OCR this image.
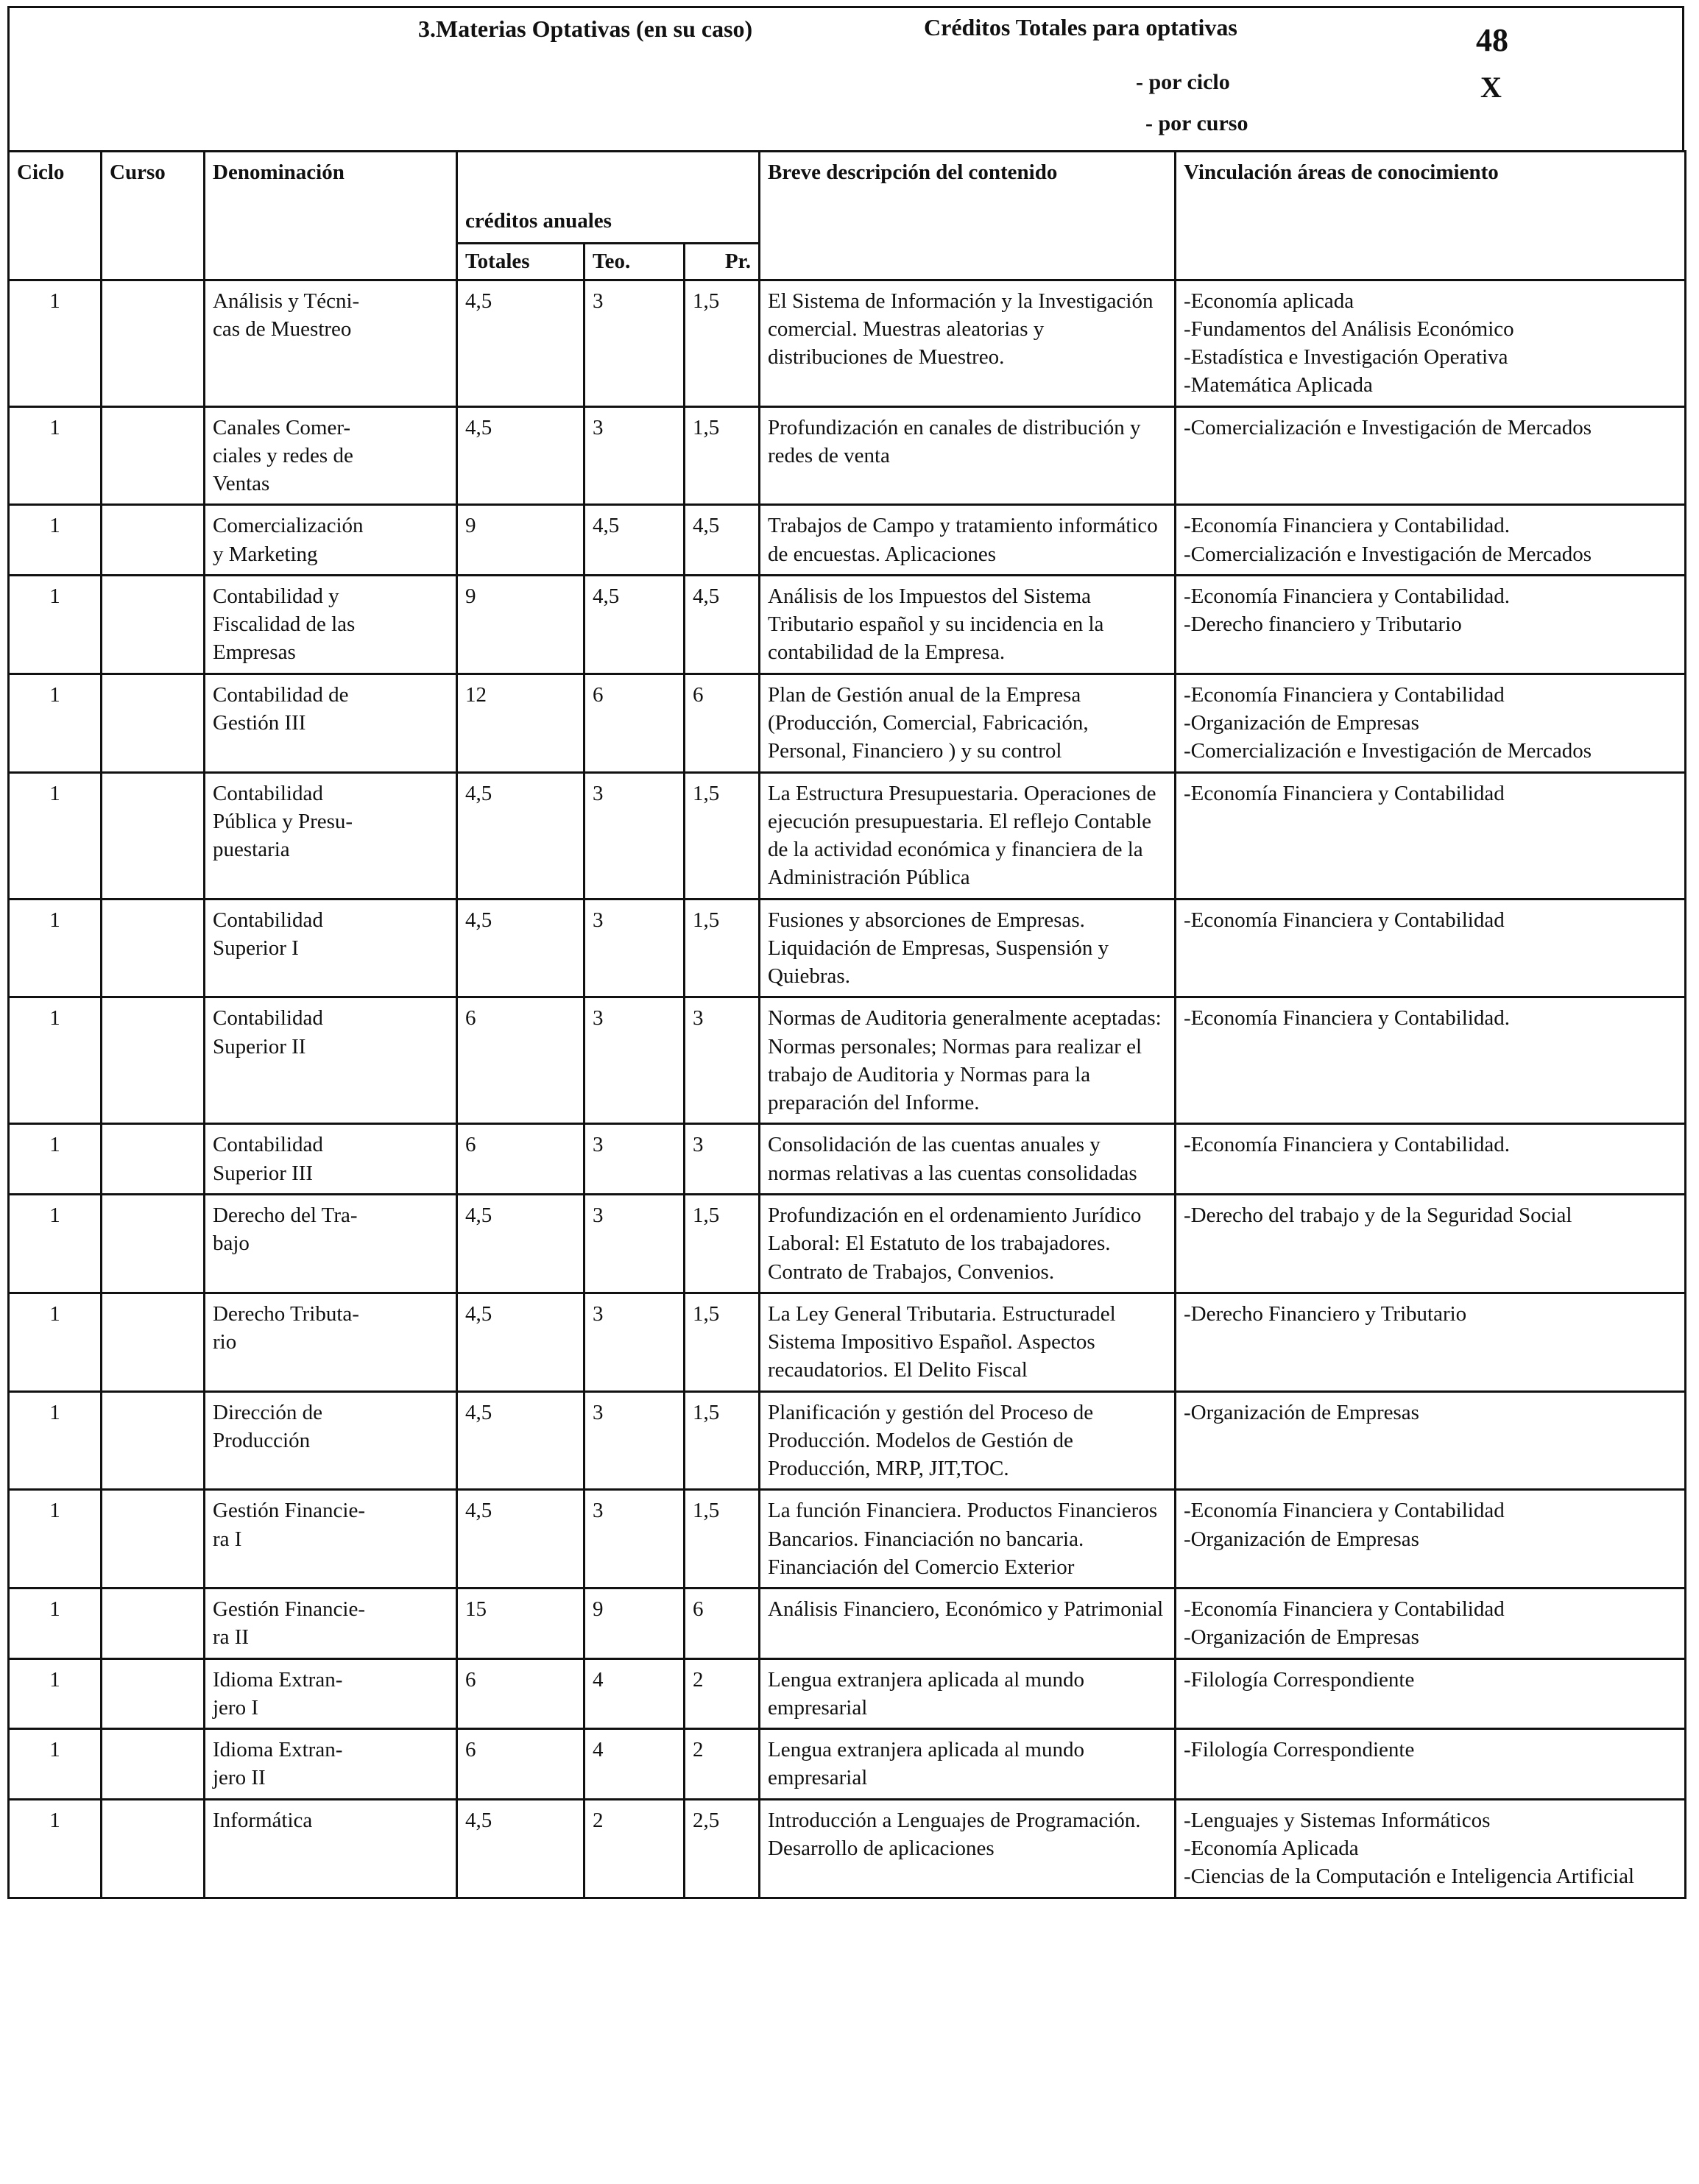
3.Materias Optativas (en su caso)	Créditos Totales para optativas	48
- por ciclo	X
- por curso
Ciclo	Curso	Denominación	créditos anuales			Breve descripción del contenido	Vinculación áreas de conocimiento
			Totales	Teo.	Pr.		
1		Análisis y Técni-
cas de Muestreo	4,5	3	1,5	El Sistema de Información y la Investigación comercial. Muestras aleatorias y distribuciones de Muestreo.	-Economía aplicada
-Fundamentos del Análisis Económico
-Estadística e Investigación Operativa
-Matemática Aplicada
1		Canales Comer-
ciales y redes de
Ventas	4,5	3	1,5	Profundización en canales de distribución y redes de venta	-Comercialización e Investigación de Mercados
1		Comercialización
y Marketing	9	4,5	4,5	Trabajos de Campo y tratamiento informático de encuestas. Aplicaciones	-Economía Financiera y Contabilidad.
-Comercialización e Investigación de Mercados
1		Contabilidad y
Fiscalidad de las
Empresas	9	4,5	4,5	Análisis de los Impuestos del Sistema Tributario español y su incidencia en la contabilidad de la Empresa.	-Economía Financiera y Contabilidad.
-Derecho financiero y Tributario
1		Contabilidad de
Gestión III	12	6	6	Plan de Gestión anual de la Empresa (Producción, Comercial, Fabricación, Personal, Financiero ) y su control	-Economía Financiera y Contabilidad
-Organización de Empresas
-Comercialización e Investigación de Mercados
1		Contabilidad
Pública y Presu-
puestaria	4,5	3	1,5	La Estructura Presupuestaria. Operaciones de ejecución presupuestaria. El reflejo Contable de la actividad económica y financiera de la Administración Pública	-Economía Financiera y Contabilidad
1		Contabilidad
Superior I	4,5	3	1,5	Fusiones y absorciones de Empresas. Liquidación de Empresas, Suspensión y Quiebras.	-Economía Financiera y Contabilidad
1		Contabilidad
Superior II	6	3	3	Normas de Auditoria generalmente aceptadas: Normas personales; Normas para realizar el trabajo de Auditoria y Normas para la preparación del Informe.	-Economía Financiera y Contabilidad.
1		Contabilidad
Superior III	6	3	3	Consolidación de las cuentas anuales y normas relativas a las cuentas consolidadas	-Economía Financiera y Contabilidad.
1		Derecho del Tra-
bajo	4,5	3	1,5	Profundización en el ordenamiento Jurídico Laboral: El Estatuto de los trabajadores. Contrato de Trabajos, Convenios.	-Derecho del trabajo y de la Seguridad Social
1		Derecho Tributa-
rio	4,5	3	1,5	La Ley General Tributaria. Estructuradel Sistema Impositivo Español. Aspectos recaudatorios. El Delito Fiscal	-Derecho Financiero y Tributario
1		Dirección de
Producción	4,5	3	1,5	Planificación y gestión del Proceso de Producción. Modelos de Gestión de Producción, MRP, JIT,TOC.	-Organización de Empresas
1		Gestión Financie-
ra I	4,5	3	1,5	La función Financiera. Productos Financieros Bancarios. Financiación no bancaria. Financiación del Comercio Exterior	-Economía Financiera y Contabilidad
-Organización de Empresas
1		Gestión Financie-
ra II	15	9	6	Análisis Financiero, Económico y Patrimonial	-Economía Financiera y Contabilidad
-Organización de Empresas
1		Idioma Extran-
jero I	6	4	2	Lengua extranjera aplicada al mundo empresarial	-Filología Correspondiente
1		Idioma Extran-
jero II	6	4	2	Lengua extranjera aplicada al mundo empresarial	-Filología Correspondiente
1		Informática	4,5	2	2,5	Introducción a Lenguajes de Programación. Desarrollo de aplicaciones	-Lenguajes y Sistemas Informáticos
-Economía Aplicada
-Ciencias de la Computación e Inteligencia Artificial
